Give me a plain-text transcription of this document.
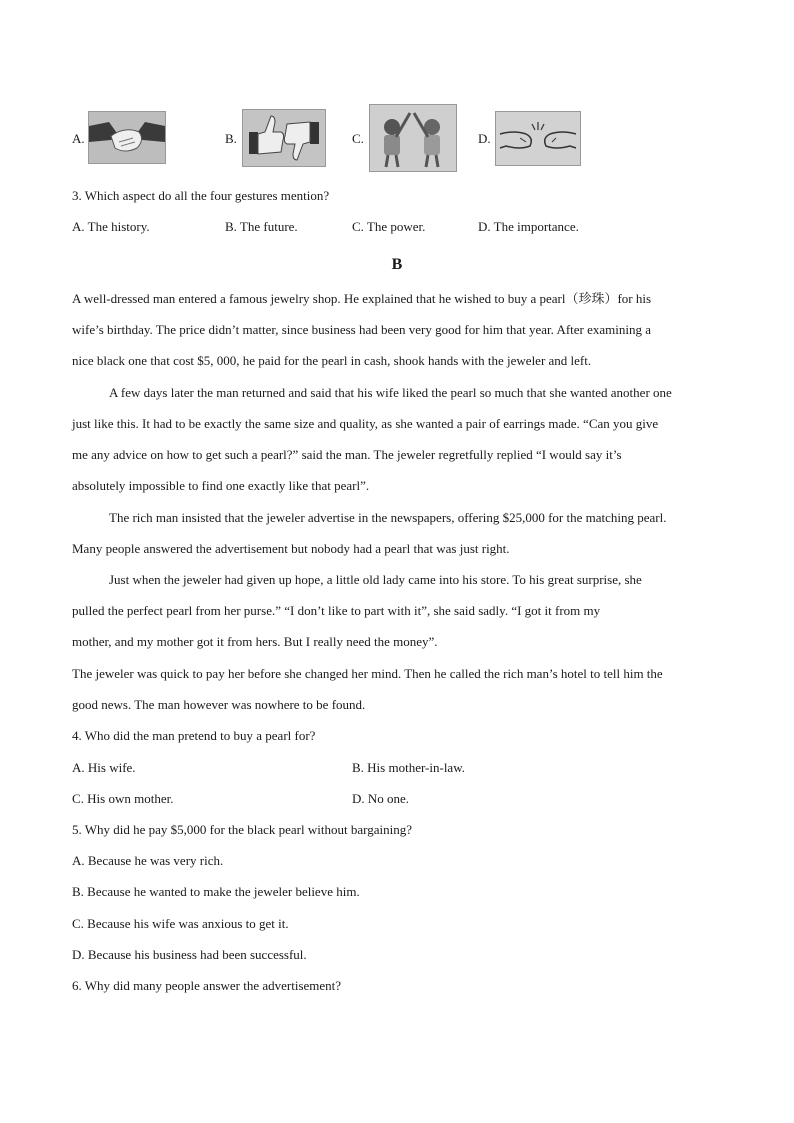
A.	B.	C.	D.
3. Which aspect do all the four gestures mention?
A. The history.	B. The future.	C. The power.	D. The importance.
B
A well-dressed man entered a famous jewelry shop. He explained that he wished to buy a pearl（珍珠）for his
wife’s birthday. The price didn’t matter, since business had been very good for him that year. After examining a
nice black one that cost $5, 000, he paid for the pearl in cash, shook hands with the jeweler and left.
A few days later the man returned and said that his wife liked the pearl so much that she wanted another one
just like this. It had to be exactly the same size and quality, as she wanted a pair of earrings made. “Can you give
me any advice on how to get such a pearl?” said the man. The jeweler regretfully replied “I would say it’s
absolutely impossible to find one exactly like that pearl”.
The rich man insisted that the jeweler advertise in the newspapers, offering $25,000 for the matching pearl.
Many people answered the advertisement but nobody had a pearl that was just right.
Just when the jeweler had given up hope, a little old lady came into his store. To his great surprise, she
pulled the perfect pearl from her purse.” “I don’t like to part with it”, she said sadly. “I got it from my
mother, and my mother got it from hers. But I really need the money”.
The jeweler was quick to pay her before she changed her mind. Then he called the rich man’s hotel to tell him the
good news. The man however was nowhere to be found.
4. Who did the man pretend to buy a pearl for?
A. His wife.	B. His mother-in-law.
C. His own mother.	D. No one.
5. Why did he pay $5,000 for the black pearl without bargaining?
A. Because he was very rich.
B. Because he wanted to make the jeweler believe him.
C. Because his wife was anxious to get it.
D. Because his business had been successful.
6. Why did many people answer the advertisement?
